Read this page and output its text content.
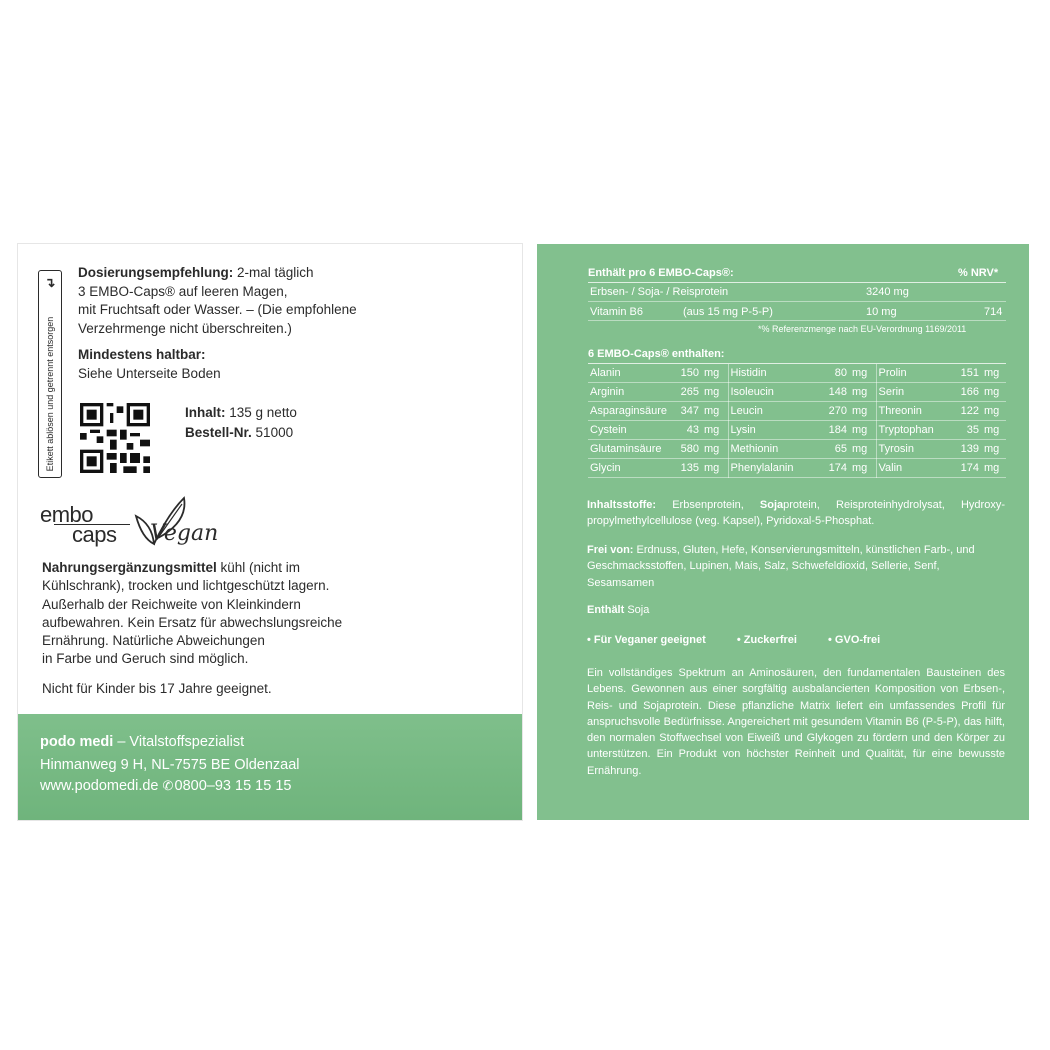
↴
Etikett ablösen und getrennt entsorgen
Dosierungsempfehlung: 2-mal täglich
3 EMBO-Caps® auf leeren Magen,
mit Fruchtsaft oder Wasser. – (Die empfohlene
Verzehrmenge nicht überschreiten.)
Mindestens haltbar:
Siehe Unterseite Boden
Inhalt: 135 g netto
Bestell-Nr. 51000
embo
caps	Vegan
Nahrungsergänzungsmittel kühl (nicht im
Kühlschrank), trocken und lichtgeschützt lagern.
Außerhalb der Reichweite von Kleinkindern
aufbewahren. Kein Ersatz für abwechslungsreiche
Ernährung. Natürliche Abweichungen
in Farbe und Geruch sind möglich.
Nicht für Kinder bis 17 Jahre geeignet.
podo medi – Vitalstoffspezialist
Hinmanweg 9 H, NL-7575 BE Oldenzaal
www.podomedi.de ✆0800–93 15 15 15
Enthält pro 6 EMBO-Caps®:	% NRV*
Erbsen- / Soja- / Reisprotein	3240 mg
Vitamin B6	(aus 15 mg P-5-P)	10 mg	714
*% Referenzmenge nach EU-Verordnung 1169/2011
6 EMBO-Caps® enthalten:
Alanin	150	mg	Histidin	80	mg	Prolin	151	mg
Arginin	265	mg	Isoleucin	148	mg	Serin	166	mg
Asparaginsäure	347	mg	Leucin	270	mg	Threonin	122	mg
Cystein	43	mg	Lysin	184	mg	Tryptophan	35	mg
Glutaminsäure	580	mg	Methionin	65	mg	Tyrosin	139	mg
Glycin	135	mg	Phenylalanin	174	mg	Valin	174	mg
Inhaltsstoffe: Erbsenprotein, Sojaprotein, Reisproteinhydrolysat, Hydroxy-propylmethylcellulose (veg. Kapsel), Pyridoxal-5-Phosphat.
Frei von: Erdnuss, Gluten, Hefe, Konservierungsmitteln, künstlichen Farb-, und Geschmacksstoffen, Lupinen, Mais, Salz, Schwefeldioxid, Sellerie, Senf, Sesamsamen
Enthält Soja
• Für Veganer geeignet	• Zuckerfrei	• GVO-frei
Ein vollständiges Spektrum an Aminosäuren, den fundamentalen Bausteinen des Lebens. Gewonnen aus einer sorgfältig ausbalancierten Komposition von Erbsen-, Reis- und Sojaprotein. Diese pflanzliche Matrix liefert ein umfassendes Profil für anspruchsvolle Bedürfnisse. Angereichert mit gesundem Vitamin B6 (P-5-P), das hilft, den normalen Stoffwechsel von Eiweiß und Glykogen zu fördern und den Körper zu unterstützen. Ein Produkt von höchster Reinheit und Qualität, für eine bewusste Ernährung.
